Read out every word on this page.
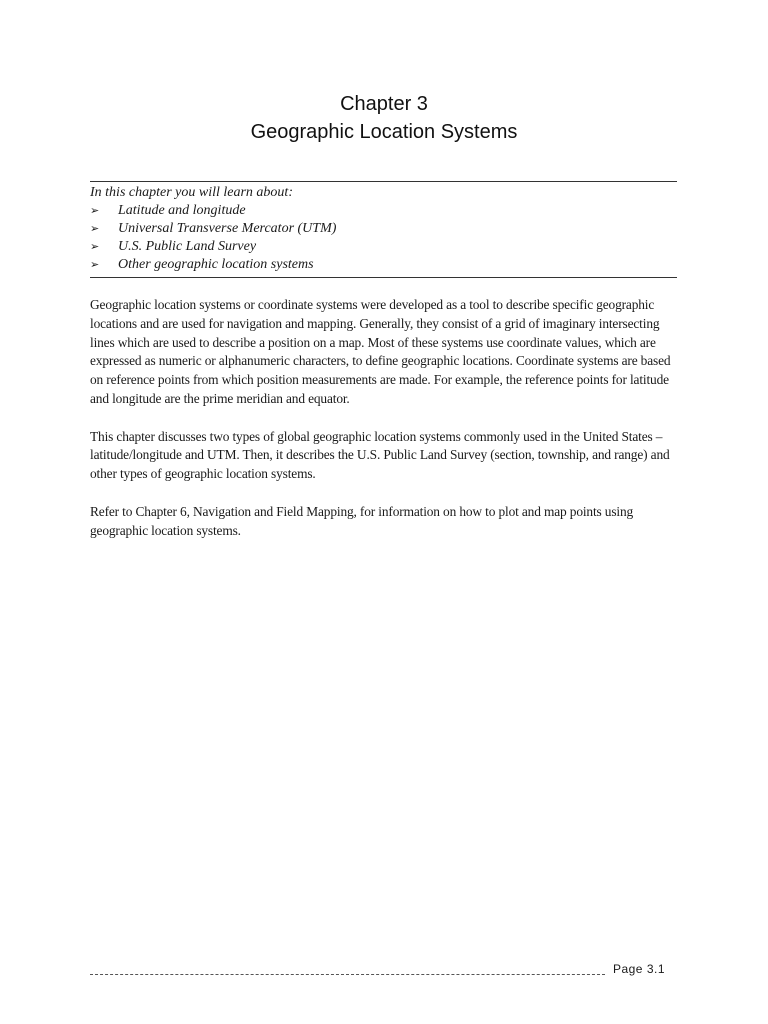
Chapter 3
Geographic Location Systems

In this chapter you will learn about:

➢ Latitude and longitude
➢ Universal Transverse Mercator (UTM)
➢ U.S. Public Land Survey
➢ Other geographic location systems

Geographic location systems or coordinate systems were developed as a tool to describe specific geographic locations and are used for navigation and mapping. Generally, they consist of a grid of imaginary intersecting lines which are used to describe a position on a map. Most of these systems use coordinate values, which are expressed as numeric or alphanumeric characters, to define geographic locations. Coordinate systems are based on reference points from which position measurements are made. For example, the reference points for latitude and longitude are the prime meridian and equator.

This chapter discusses two types of global geographic location systems commonly used in the United States – latitude/longitude and UTM. Then, it describes the U.S. Public Land Survey (section, township, and range) and other types of geographic location systems.

Refer to Chapter 6, Navigation and Field Mapping, for information on how to plot and map points using geographic location systems.

Page 3.1
